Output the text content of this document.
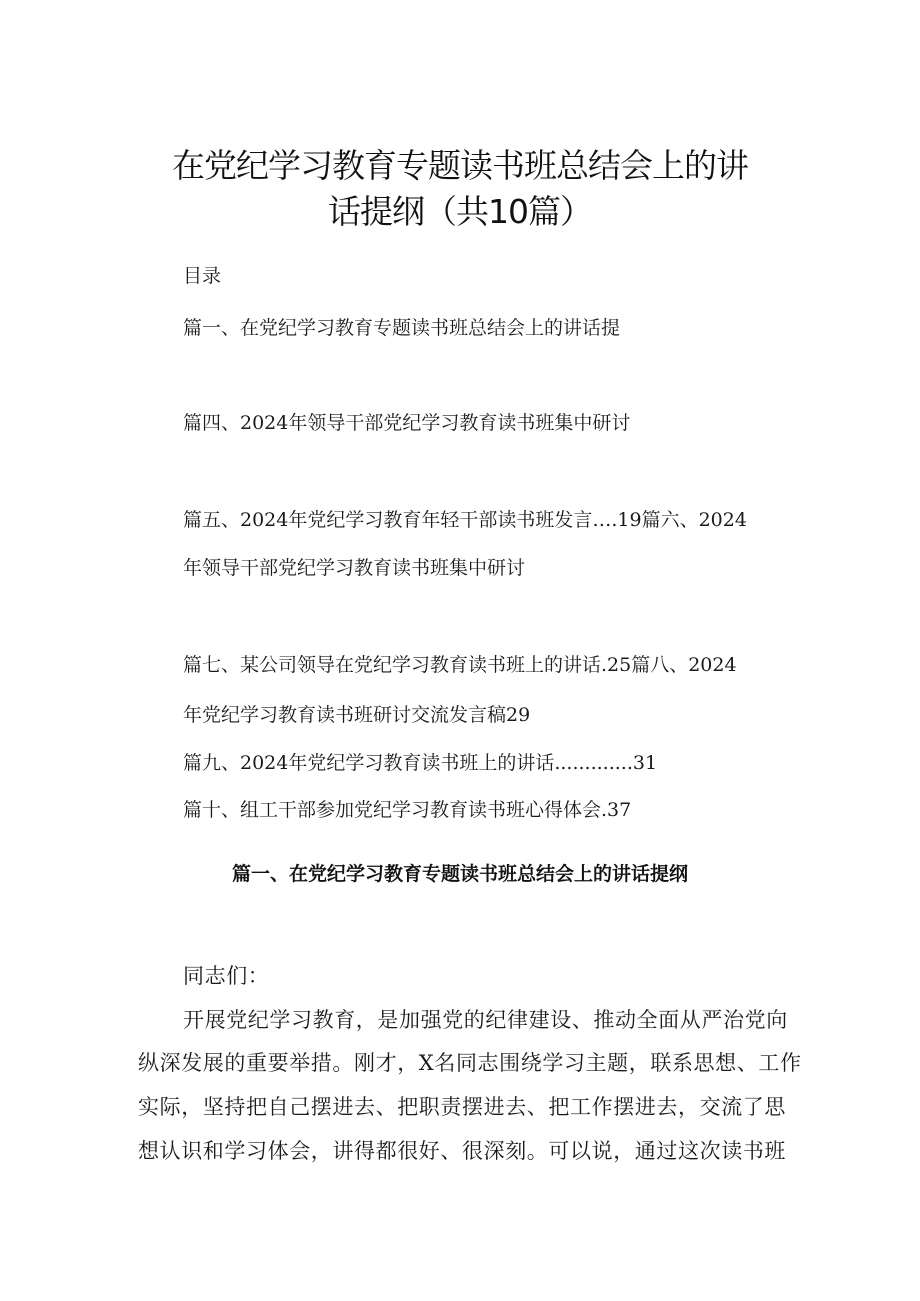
在党纪学习教育专题读书班总结会上的讲
话提纲（共10篇）

目录

篇一、在党纪学习教育专题读书班总结会上的讲话提

篇四、2024年领导干部党纪学习教育读书班集中研讨

篇五、2024年党纪学习教育年轻干部读书班发言….19篇六、2024

年领导干部党纪学习教育读书班集中研讨

篇七、某公司领导在党纪学习教育读书班上的讲话.25篇八、2024

年党纪学习教育读书班研讨交流发言稿29

篇九、2024年党纪学习教育读书班上的讲话.............31

篇十、组工干部参加党纪学习教育读书班心得体会.37

篇一、在党纪学习教育专题读书班总结会上的讲话提纲

同志们：

开展党纪学习教育，是加强党的纪律建设、推动全面从严治党向

纵深发展的重要举措。刚才，X名同志围绕学习主题，联系思想、工作

实际，坚持把自己摆进去、把职责摆进去、把工作摆进去，交流了思

想认识和学习体会，讲得都很好、很深刻。可以说，通过这次读书班
